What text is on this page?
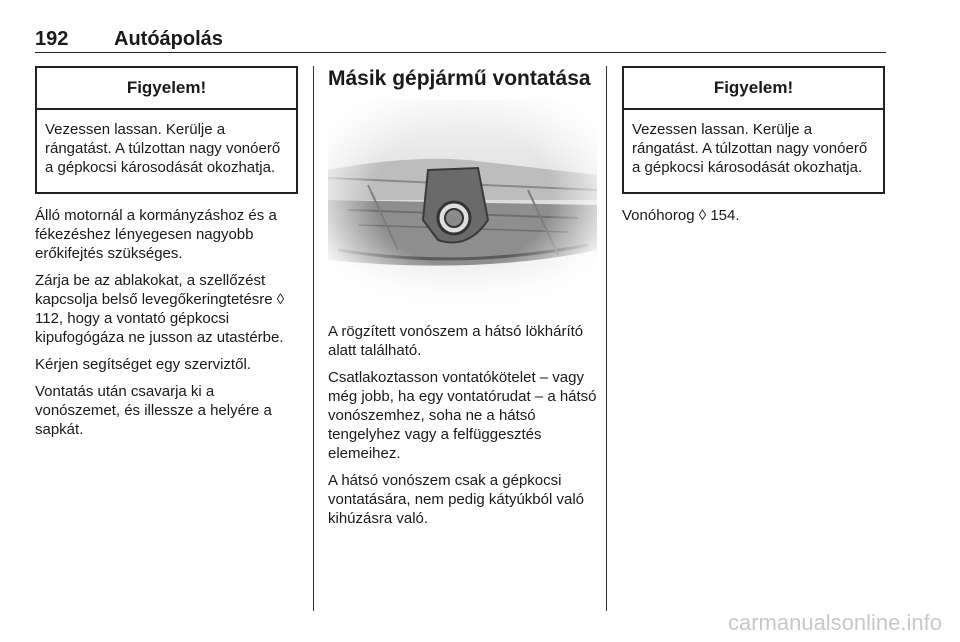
192 Autóápolás
Figyelem!
Vezessen lassan. Kerülje a rángatást. A túlzottan nagy vonóerő a gépkocsi károsodását okozhatja.

Álló motornál a kormányzáshoz és a fékezéshez lényegesen nagyobb erőkifejtés szükséges.

Zárja be az ablakokat, a szellőzést kapcsolja belső levegőkeringtetésre ◊ 112, hogy a vontató gépkocsi kipufogógáza ne jusson az utastérbe.

Kérjen segítséget egy szerviztől.

Vontatás után csavarja ki a vonószemet, és illessze a helyére a sapkát.

Másik gépjármű vontatása

A rögzített vonószem a hátsó lökhárító alatt található.

Csatlakoztasson vontatókötelet – vagy még jobb, ha egy vontatórudat – a hátsó vonószemhez, soha ne a hátsó tengelyhez vagy a felfüggesztés elemeihez.

A hátsó vonószem csak a gépkocsi vontatására, nem pedig kátyúkból való kihúzásra való.

Figyelem!
Vezessen lassan. Kerülje a rángatást. A túlzottan nagy vonóerő a gépkocsi károsodását okozhatja.

Vonóhorog ◊ 154.

carmanualsonline.info
